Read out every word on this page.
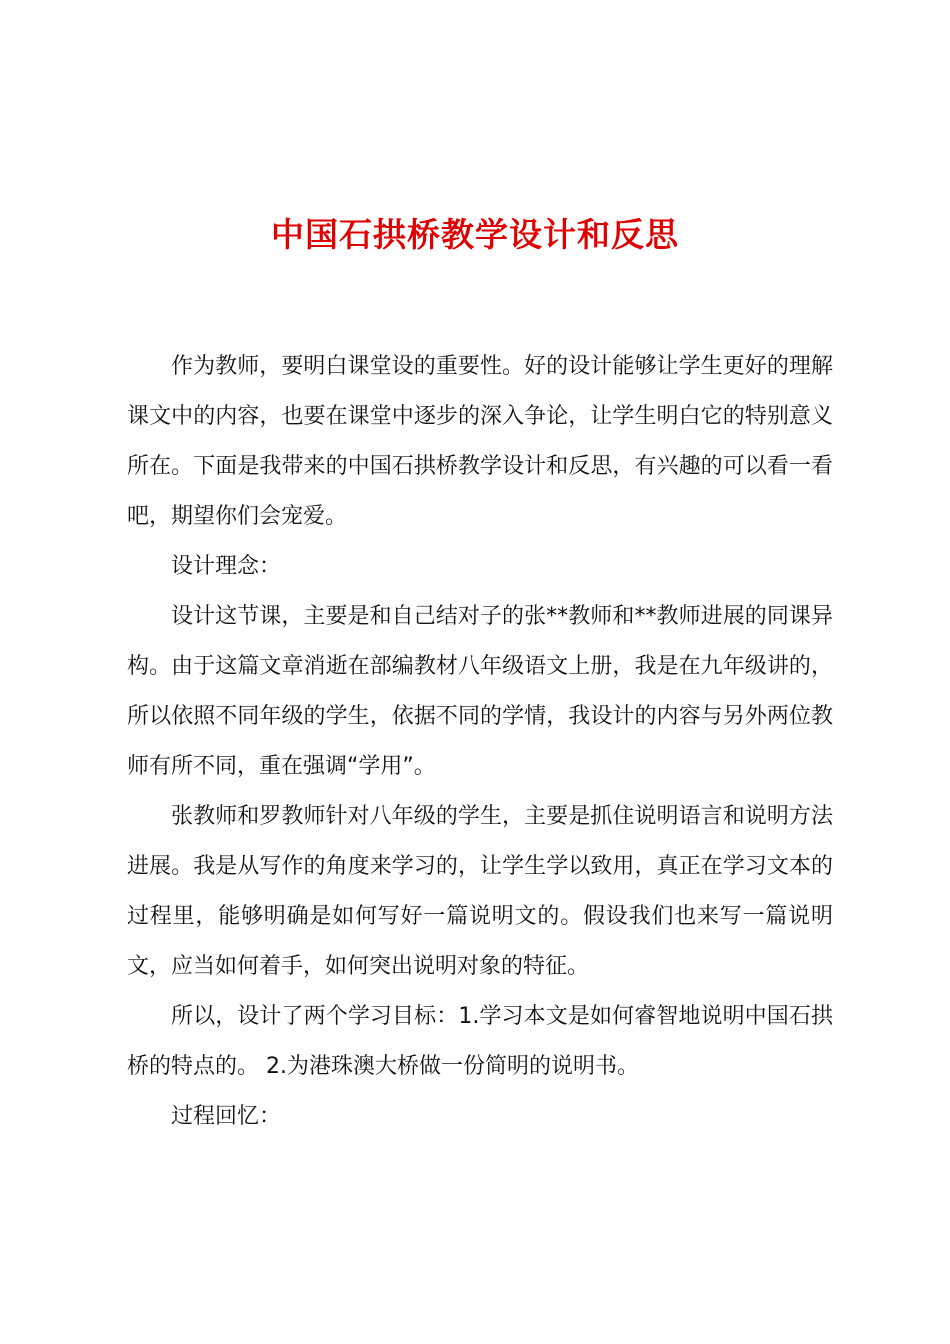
中国石拱桥教学设计和反思

作为教师，要明白课堂设的重要性。好的设计能够让学生更好的理解课文中的内容，也要在课堂中逐步的深入争论，让学生明白它的特别意义所在。下面是我带来的中国石拱桥教学设计和反思，有兴趣的可以看一看吧，期望你们会宠爱。

设计理念：

设计这节课，主要是和自己结对子的张**教师和**教师进展的同课异构。由于这篇文章消逝在部编教材八年级语文上册，我是在九年级讲的，所以依照不同年级的学生，依据不同的学情，我设计的内容与另外两位教师有所不同，重在强调“学用”。

张教师和罗教师针对八年级的学生，主要是抓住说明语言和说明方法进展。我是从写作的角度来学习的，让学生学以致用，真正在学习文本的过程里，能够明确是如何写好一篇说明文的。假设我们也来写一篇说明文，应当如何着手，如何突出说明对象的特征。

所以，设计了两个学习目标：1.学习本文是如何睿智地说明中国石拱桥的特点的。 2.为港珠澳大桥做一份简明的说明书。

过程回忆：
